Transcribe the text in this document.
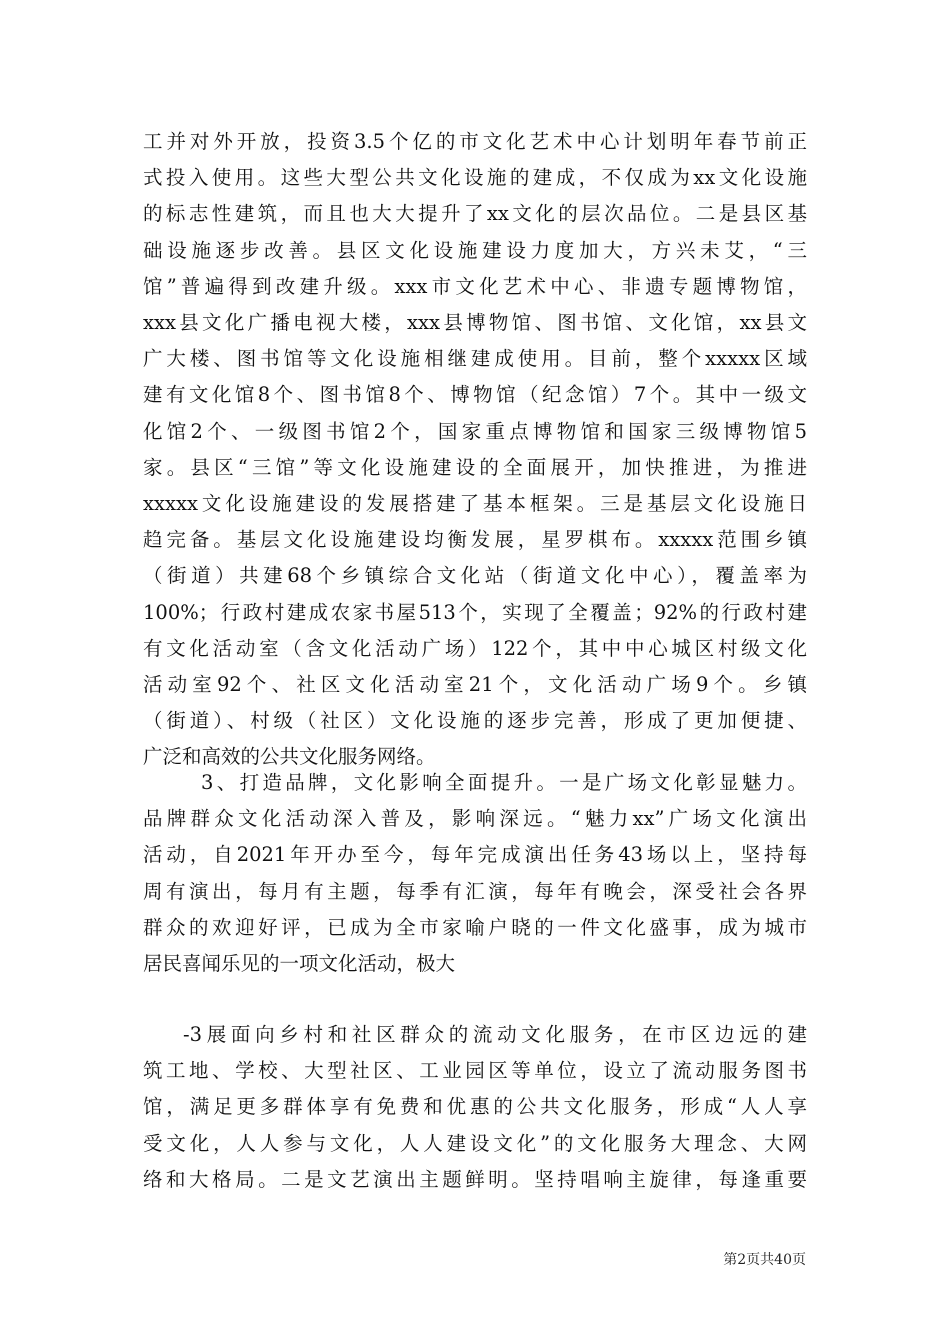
工并对外开放，投资3.5个亿的市文化艺术中心计划明年春节前正
式投入使用。这些大型公共文化设施的建成，不仅成为xx文化设施
的标志性建筑，而且也大大提升了xx文化的层次品位。二是县区基
础设施逐步改善。县区文化设施建设力度加大，方兴未艾，“三
馆”普遍得到改建升级。xxx市文化艺术中心、非遗专题博物馆，
xxx县文化广播电视大楼，xxx县博物馆、图书馆、文化馆，xx县文
广大楼、图书馆等文化设施相继建成使用。目前，整个xxxxx区域
建有文化馆8个、图书馆8个、博物馆（纪念馆）7个。其中一级文
化馆2个、一级图书馆2个，国家重点博物馆和国家三级博物馆5
家。县区“三馆”等文化设施建设的全面展开，加快推进，为推进
xxxxx文化设施建设的发展搭建了基本框架。三是基层文化设施日
趋完备。基层文化设施建设均衡发展，星罗棋布。xxxxx范围乡镇
（街道）共建68个乡镇综合文化站（街道文化中心），覆盖率为
100%；行政村建成农家书屋513个，实现了全覆盖；92%的行政村建
有文化活动室（含文化活动广场）122个，其中中心城区村级文化
活动室92个、社区文化活动室21个，文化活动广场9个。乡镇
（街道）、村级（社区）文化设施的逐步完善，形成了更加便捷、
广泛和高效的公共文化服务网络。
3、打造品牌，文化影响全面提升。一是广场文化彰显魅力。
品牌群众文化活动深入普及，影响深远。“魅力xx”广场文化演出
活动，自2021年开办至今，每年完成演出任务43场以上，坚持每
周有演出，每月有主题，每季有汇演，每年有晚会，深受社会各界
群众的欢迎好评，已成为全市家喻户晓的一件文化盛事，成为城市
居民喜闻乐见的一项文化活动，极大
-3展面向乡村和社区群众的流动文化服务，在市区边远的建
筑工地、学校、大型社区、工业园区等单位，设立了流动服务图书
馆，满足更多群体享有免费和优惠的公共文化服务，形成“人人享
受文化，人人参与文化，人人建设文化”的文化服务大理念、大网
络和大格局。二是文艺演出主题鲜明。坚持唱响主旋律，每逢重要
第2页共40页
